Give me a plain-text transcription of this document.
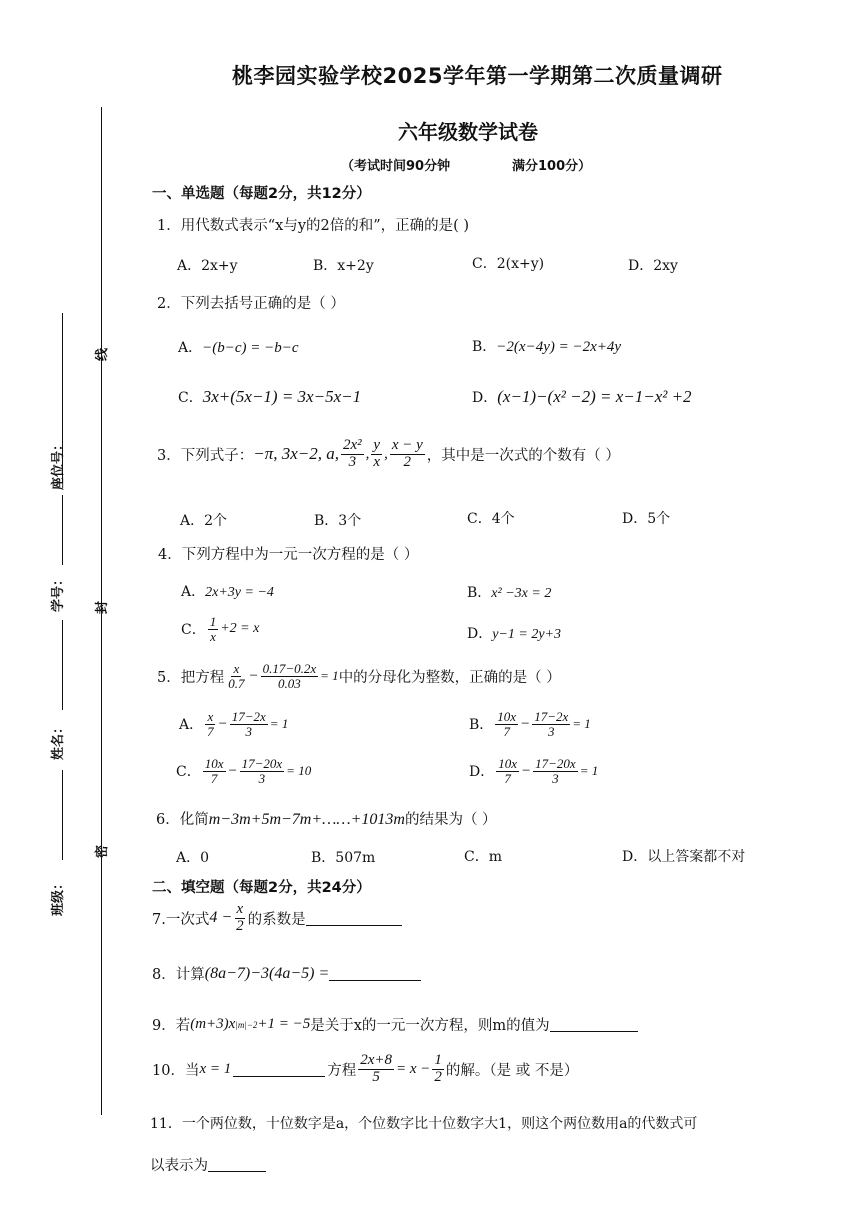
桃李园实验学校2025学年第一学期第二次质量调研
六年级数学试卷
（考试时间90分钟	满分100分）
线
封
密
座位号：
学号：
姓名：
班级：
一、单选题（每题2分，共12分）
1．用代数式表示“x与y的2倍的和”，正确的是( )
A．2x+y	B．x+2y	C．2(x+y)	D．2xy
2．下列去括号正确的是（ ）
A．−(b−c) = −b−c	B．−2(x−4y) = −2x+4y
C．3x+(5x−1) = 3x−5x−1	D．(x−1)−(x² −2) = x−1−x² +2
3．下列式子： −π, 3x−2, a, $\frac{\text{2x²}}{3}$ , $\frac{y}{x}$ , $\frac{x - y}{2}$ ，其中是一次式的个数有（ ）
A．2个	B．3个	C．4个	D．5个
4．下列方程中为一元一次方程的是（ ）
A．2x+3y = −4	B．x² −3x = 2
C． $\frac{1}{x} +2 = x$	D．y−1 = 2y+3
5．把方程 $\frac{x}{0.7} - \frac{0.17-0.2x}{0.03} = 1$ 中的分母化为整数，正确的是（ ）
A． $\frac{x}{7} - \frac{17-2x}{3} = 1$	B． $\frac{10x}{7} - \frac{17-2x}{3} = 1$
C． $\frac{10x}{7} - \frac{17-20x}{3} = 10$	D． $\frac{10x}{7} - \frac{17-20x}{3} = 1$
6．化简m−3m+5m−7m+……+1013m的结果为（ ）
A．0	B．507m	C．m	D．以上答案都不对
二、填空题（每题2分，共24分）
7.一次式 $4 - \frac{x}{2}$ 的系数是
8．计算 (8a−7)−3(4a−5) =
9．若 (m+3)x |m|−2 +1 = −5 是关于x的一元一次方程，则m的值为
10．当 x = 1	方程 $\frac{2x+8}{5} = x - \frac{1}{2}$ 的解。（是 或 不是）
11．一个两位数，十位数字是a，个位数字比十位数字大1，则这个两位数用a的代数式可
以表示为
